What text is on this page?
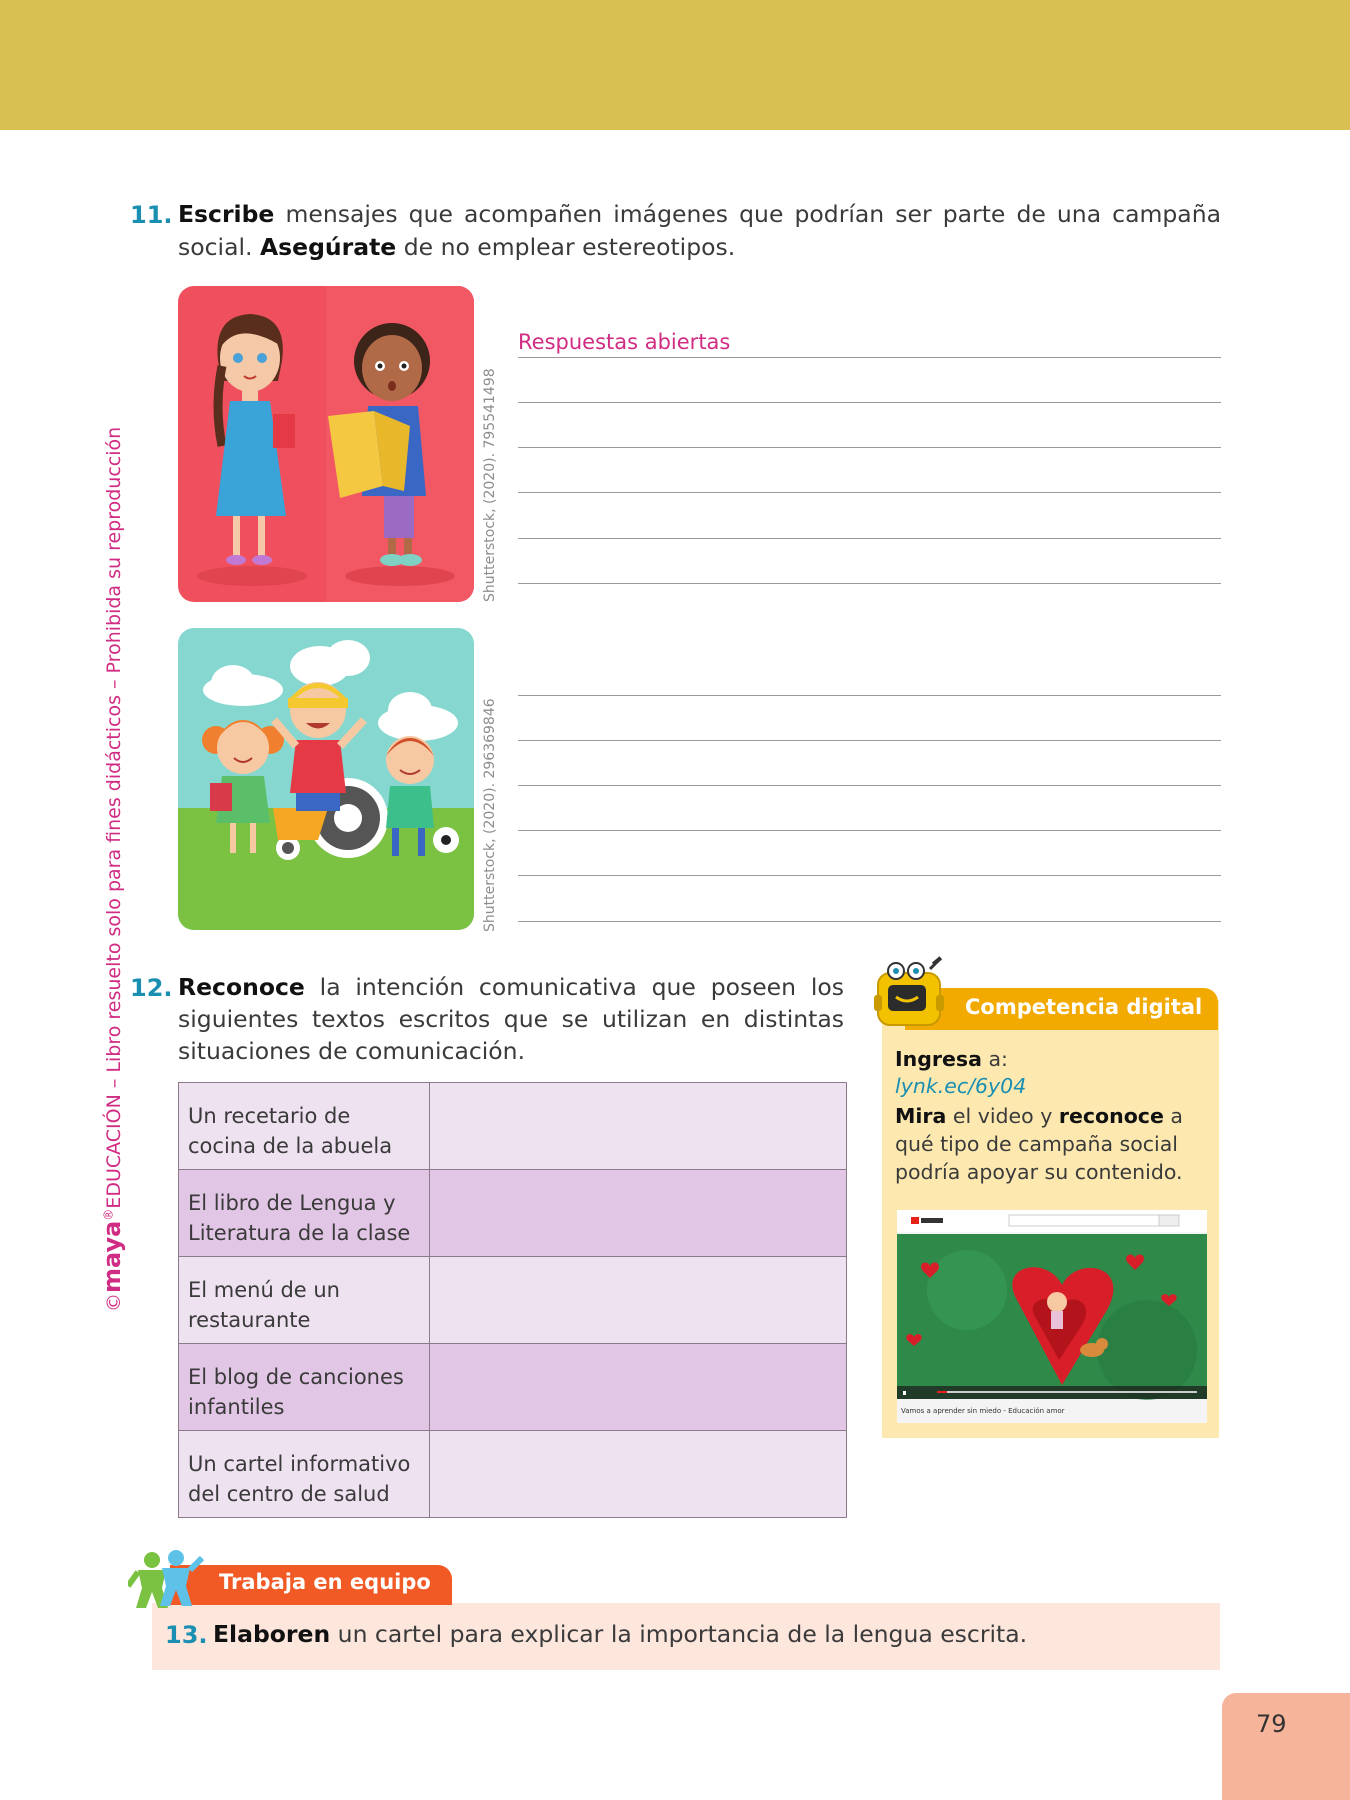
©maya®EDUCACIÓN – Libro resuelto solo para fines didácticos – Prohibida su reproducción
11. Escribe mensajes que acompañen imágenes que podrían ser parte de una campaña social. Asegúrate de no emplear estereotipos.
Shutterstock, (2020). 795541498
Shutterstock, (2020). 296369846
Respuestas abiertas
12. Reconoce la intención comunicativa que poseen los siguientes textos escritos que se utilizan en distintas situaciones de comunicación.
Un recetario de cocina de la abuela
El libro de Lengua y Literatura de la clase
El menú de un restaurante
El blog de canciones infantiles
Un cartel informativo del centro de salud
Competencia digital
Ingresa a:
lynk.ec/6y04
Mira el video y reconoce a qué tipo de campaña social podría apoyar su contenido.
Vamos a aprender sin miedo - Educación amor
Trabaja en equipo
13. Elaboren un cartel para explicar la importancia de la lengua escrita.
79
